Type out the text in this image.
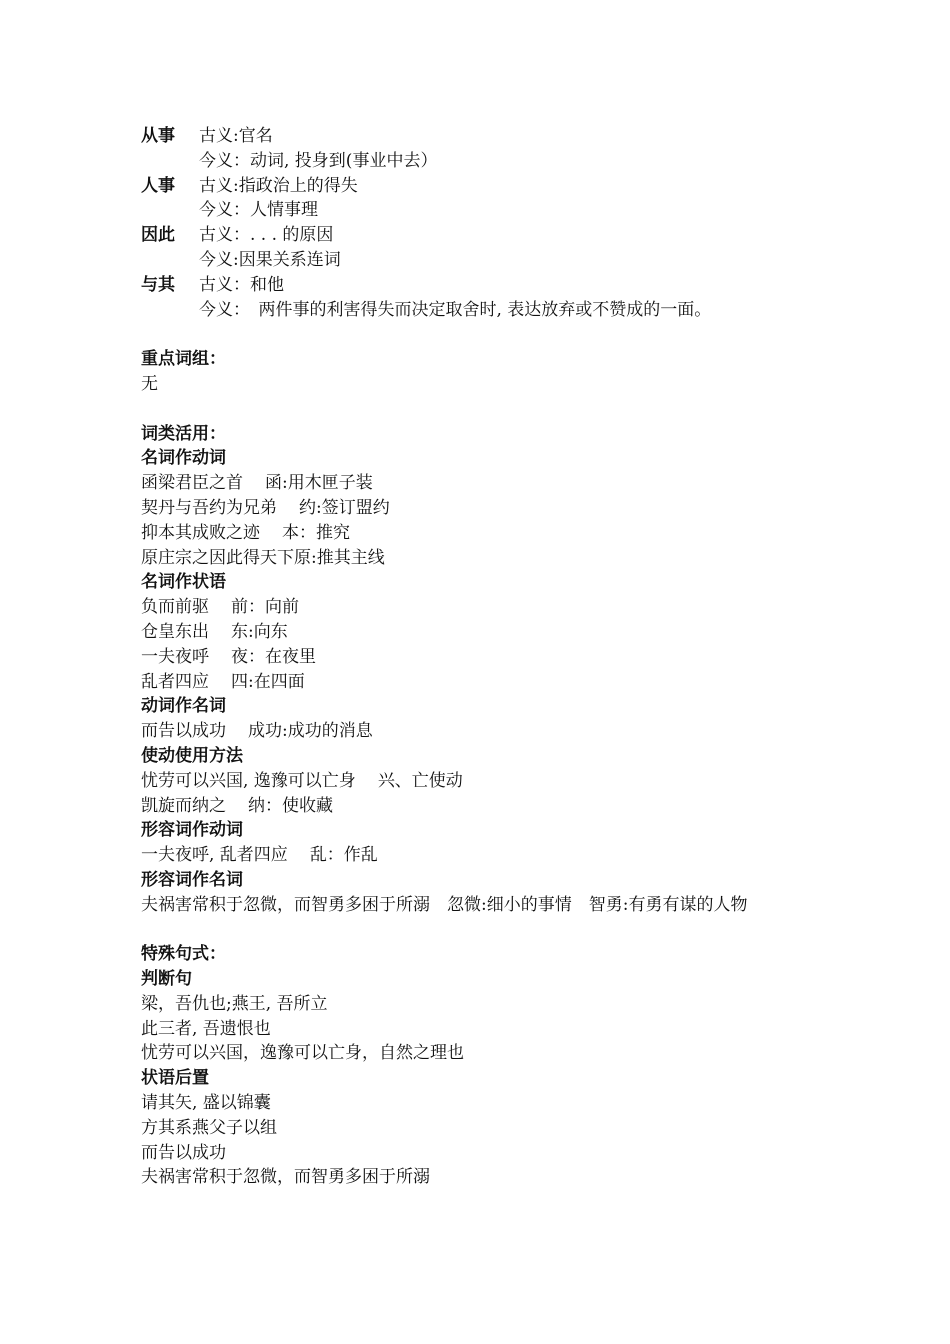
从事 古义:官名
今义：动词, 投身到(事业中去）
人事 古义:指政治上的得失
今义：人情事理
因此 古义：. . . 的原因
今义:因果关系连词
与其 古义：和他
今义：　两件事的利害得失而决定取舍时, 表达放弃或不赞成的一面。
重点词组：
无
词类活用：
名词作动词
函梁君臣之首 函:用木匣子装
契丹与吾约为兄弟 约:签订盟约
抑本其成败之迹 本：推究
原庄宗之因此得天下原:推其主线
名词作状语
负而前驱 前：向前
仓皇东出 东:向东
一夫夜呼 夜：在夜里
乱者四应 四:在四面
动词作名词
而告以成功 成功:成功的消息
使动使用方法
忧劳可以兴国, 逸豫可以亡身 兴、亡使动
凯旋而纳之 纳：使收藏
形容词作动词
一夫夜呼, 乱者四应 乱：作乱
形容词作名词
夫祸害常积于忽微，而智勇多困于所溺　忽微:细小的事情　智勇:有勇有谋的人物
特殊句式：
判断句
梁，吾仇也;燕王, 吾所立
此三者, 吾遗恨也
忧劳可以兴国，逸豫可以亡身，自然之理也
状语后置
请其矢, 盛以锦囊
方其系燕父子以组
而告以成功
夫祸害常积于忽微，而智勇多困于所溺
